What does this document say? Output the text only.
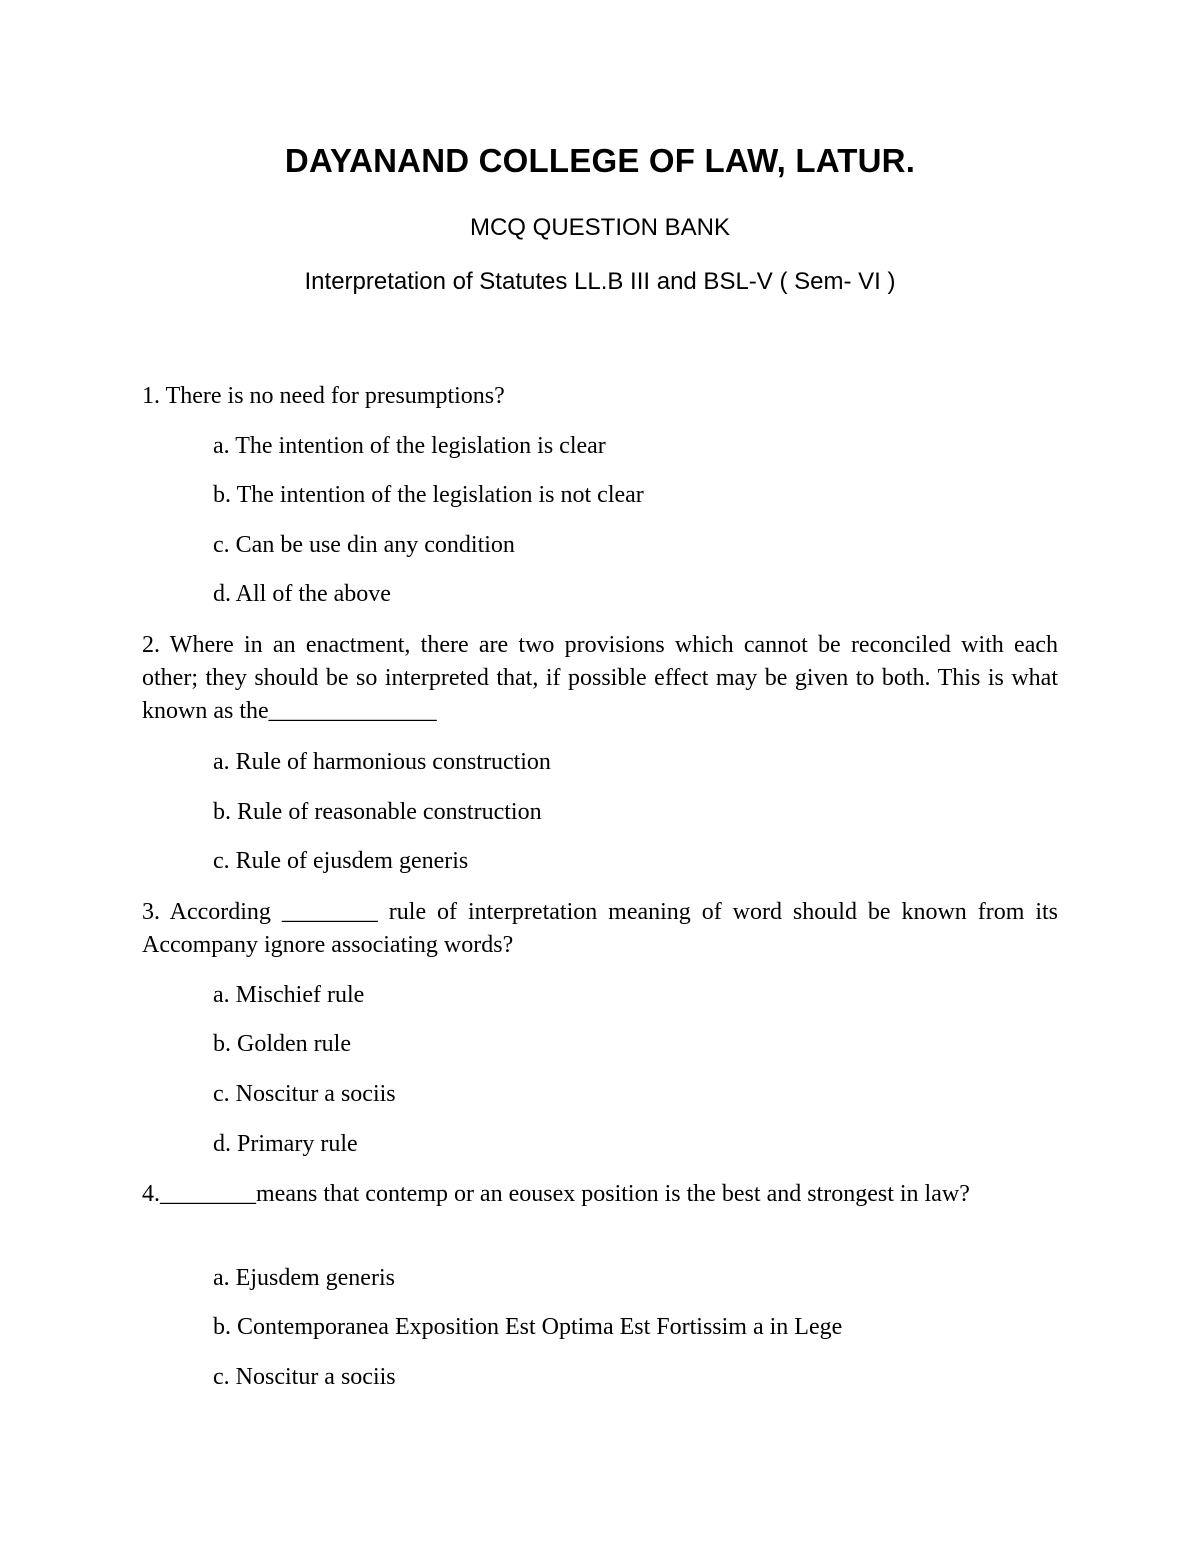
DAYANAND COLLEGE OF LAW, LATUR.
MCQ QUESTION BANK
Interpretation of Statutes LL.B III and BSL-V ( Sem- VI )
1. There is no need for presumptions?
a. The intention of the legislation is clear
b. The intention of the legislation is not clear
c. Can be use din any condition
d. All of the above
2. Where in an enactment, there are two provisions which cannot be reconciled with each other; they should be so interpreted that, if possible effect may be given to both. This is what known as the______________
a. Rule of harmonious construction
b. Rule of reasonable construction
c. Rule of ejusdem generis
3. According ________ rule of interpretation meaning of word should be known from its Accompany ignore associating words?
a. Mischief rule
b. Golden rule
c. Noscitur a sociis
d. Primary rule
4.________means that contemp or an eousex position is the best and strongest in law?
a. Ejusdem generis
b. Contemporanea Exposition Est Optima Est Fortissim a in Lege
c. Noscitur a sociis
